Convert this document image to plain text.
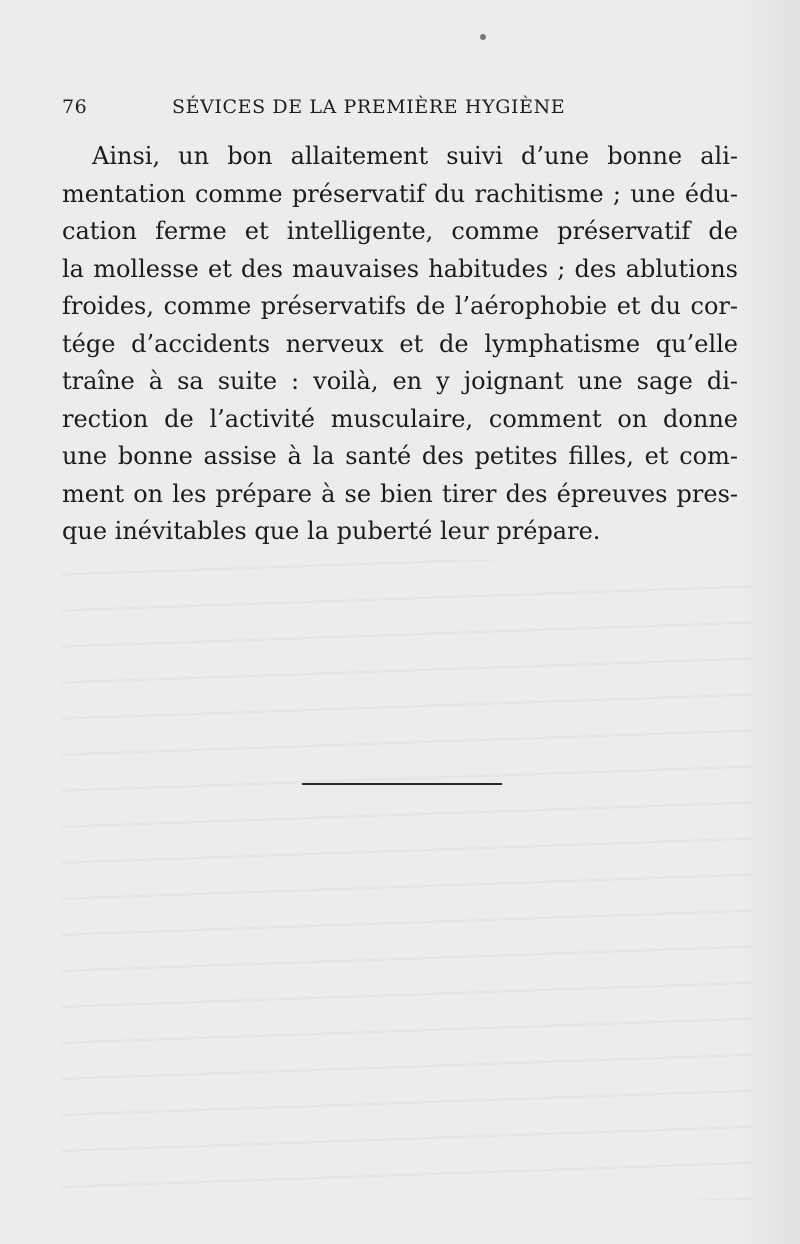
76	SÉVICES DE LA PREMIÈRE HYGIÈNE
Ainsi, un bon allaitement suivi d’une bonne ali-
mentation comme préservatif du rachitisme ; une édu-
cation ferme et intelligente, comme préservatif de
la mollesse et des mauvaises habitudes ; des ablutions
froides, comme préservatifs de l’aérophobie et du cor-
tége d’accidents nerveux et de lymphatisme qu’elle
traîne à sa suite : voilà, en y joignant une sage di-
rection de l’activité musculaire, comment on donne
une bonne assise à la santé des petites filles, et com-
ment on les prépare à se bien tirer des épreuves pres-
que inévitables que la puberté leur prépare.
